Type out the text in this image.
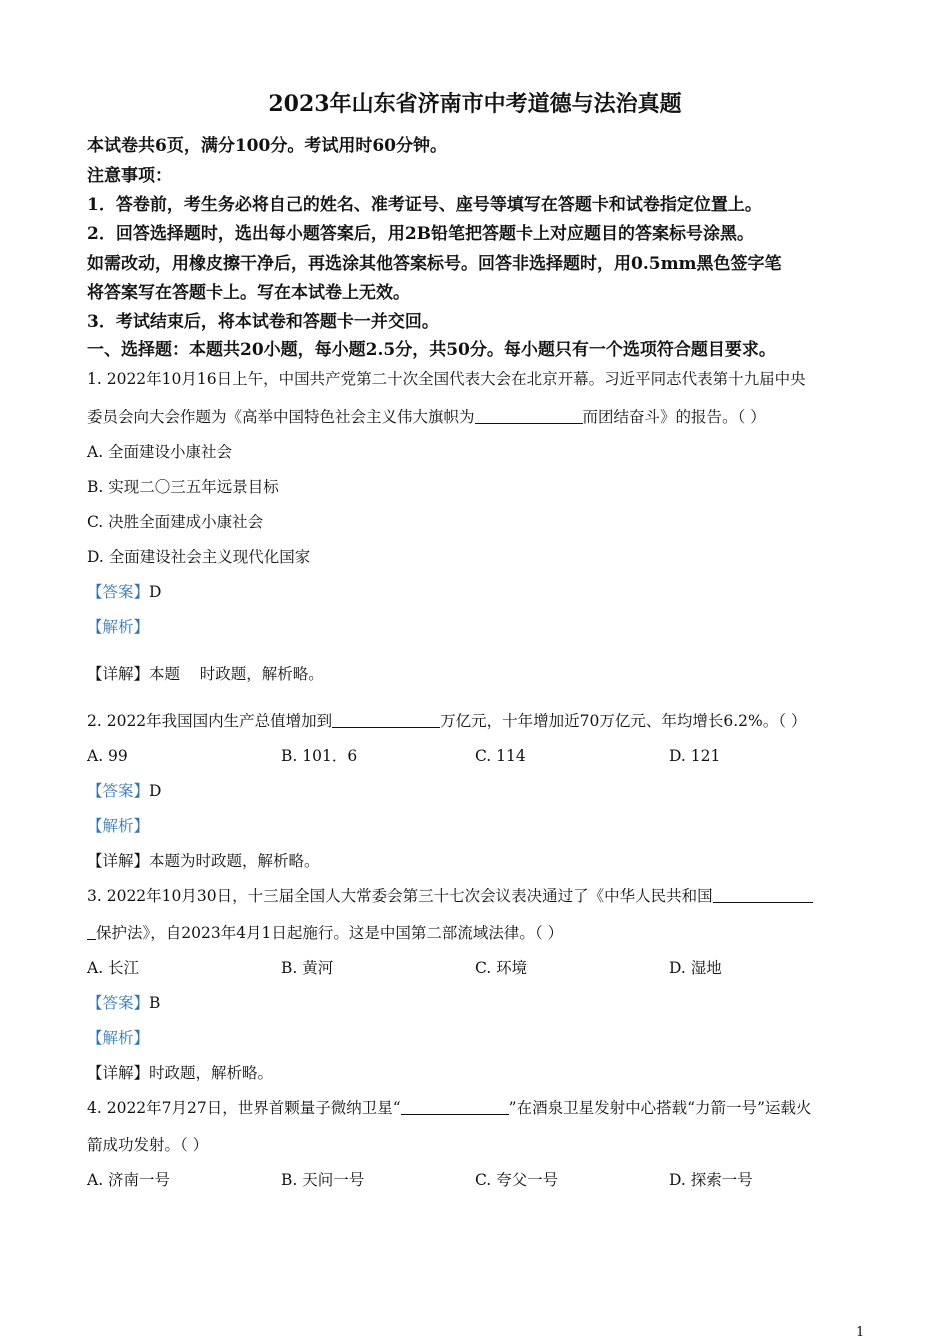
2023年山东省济南市中考道德与法治真题
本试卷共6页，满分100分。考试用时60分钟。
注意事项：
1．答卷前，考生务必将自己的姓名、准考证号、座号等填写在答题卡和试卷指定位置上。
2．回答选择题时，选出每小题答案后，用2B铅笔把答题卡上对应题目的答案标号涂黑。
如需改动，用橡皮擦干净后，再选涂其他答案标号。回答非选择题时，用0.5mm黑色签字笔
将答案写在答题卡上。写在本试卷上无效。
3．考试结束后，将本试卷和答题卡一并交回。
一、选择题：本题共20小题，每小题2.5分，共50分。每小题只有一个选项符合题目要求。
1. 2022年10月16日上午，中国共产党第二十次全国代表大会在北京开幕。习近平同志代表第十九届中央
委员会向大会作题为《高举中国特色社会主义伟大旗帜为	而团结奋斗》的报告。（ ）
A. 全面建设小康社会
B. 实现二〇三五年远景目标
C. 决胜全面建成小康社会
D. 全面建设社会主义现代化国家
【答案】D
【解析】
【详解】本题    时政题，解析略。
2. 2022年我国国内生产总值增加到	万亿元，十年增加近70万亿元、年均增长6.2%。（ ）
A. 99	B. 101．6	C. 114	D. 121
【答案】D
【解析】
【详解】本题为时政题，解析略。
3. 2022年10月30日，十三届全国人大常委会第三十七次会议表决通过了《中华人民共和国
保护法》，自2023年4月1日起施行。这是中国第二部流域法律。（ ）
A. 长江	B. 黄河	C. 环境	D. 湿地
【答案】B
【解析】
【详解】时政题，解析略。
4. 2022年7月27日，世界首颗量子微纳卫星“	”在酒泉卫星发射中心搭载“力箭一号”运载火
箭成功发射。（ ）
A. 济南一号	B. 天问一号	C. 夸父一号	D. 探索一号
1
